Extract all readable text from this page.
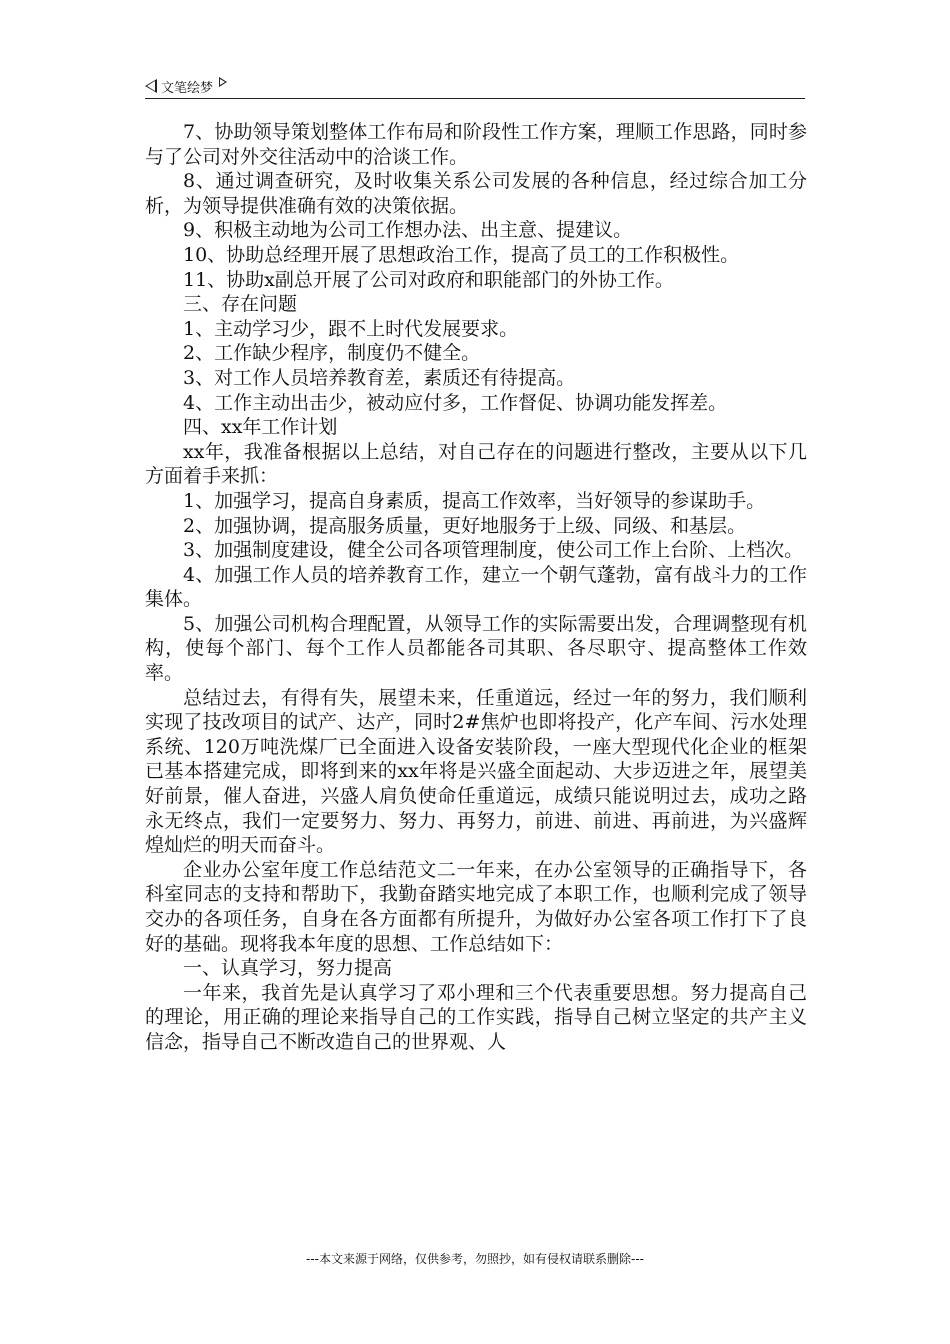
文笔绘梦

7、协助领导策划整体工作布局和阶段性工作方案，理顺工作思路，同时参与了公司对外交往活动中的洽谈工作。

8、通过调查研究，及时收集关系公司发展的各种信息，经过综合加工分析，为领导提供准确有效的决策依据。

9、积极主动地为公司工作想办法、出主意、提建议。

10、协助总经理开展了思想政治工作，提高了员工的工作积极性。

11、协助x副总开展了公司对政府和职能部门的外协工作。

三、存在问题

1、主动学习少，跟不上时代发展要求。

2、工作缺少程序，制度仍不健全。

3、对工作人员培养教育差，素质还有待提高。

4、工作主动出击少，被动应付多，工作督促、协调功能发挥差。

四、xx年工作计划

xx年，我准备根据以上总结，对自己存在的问题进行整改，主要从以下几方面着手来抓：

1、加强学习，提高自身素质，提高工作效率，当好领导的参谋助手。

2、加强协调，提高服务质量，更好地服务于上级、同级、和基层。

3、加强制度建设，健全公司各项管理制度，使公司工作上台阶、上档次。

4、加强工作人员的培养教育工作，建立一个朝气蓬勃，富有战斗力的工作集体。

5、加强公司机构合理配置，从领导工作的实际需要出发，合理调整现有机构，使每个部门、每个工作人员都能各司其职、各尽职守、提高整体工作效率。

总结过去，有得有失，展望未来，任重道远，经过一年的努力，我们顺利实现了技改项目的试产、达产，同时2#焦炉也即将投产，化产车间、污水处理系统、120万吨洗煤厂已全面进入设备安装阶段，一座大型现代化企业的框架已基本搭建完成，即将到来的xx年将是兴盛全面起动、大步迈进之年，展望美好前景，催人奋进，兴盛人肩负使命任重道远，成绩只能说明过去，成功之路永无终点，我们一定要努力、努力、再努力，前进、前进、再前进，为兴盛辉煌灿烂的明天而奋斗。

企业办公室年度工作总结范文二一年来，在办公室领导的正确指导下，各科室同志的支持和帮助下，我勤奋踏实地完成了本职工作，也顺利完成了领导交办的各项任务，自身在各方面都有所提升，为做好办公室各项工作打下了良好的基础。现将我本年度的思想、工作总结如下：

一、认真学习，努力提高

一年来，我首先是认真学习了邓小理和三个代表重要思想。努力提高自己的理论，用正确的理论来指导自己的工作实践，指导自己树立坚定的共产主义信念，指导自己不断改造自己的世界观、人

---本文来源于网络，仅供参考，勿照抄，如有侵权请联系删除---
